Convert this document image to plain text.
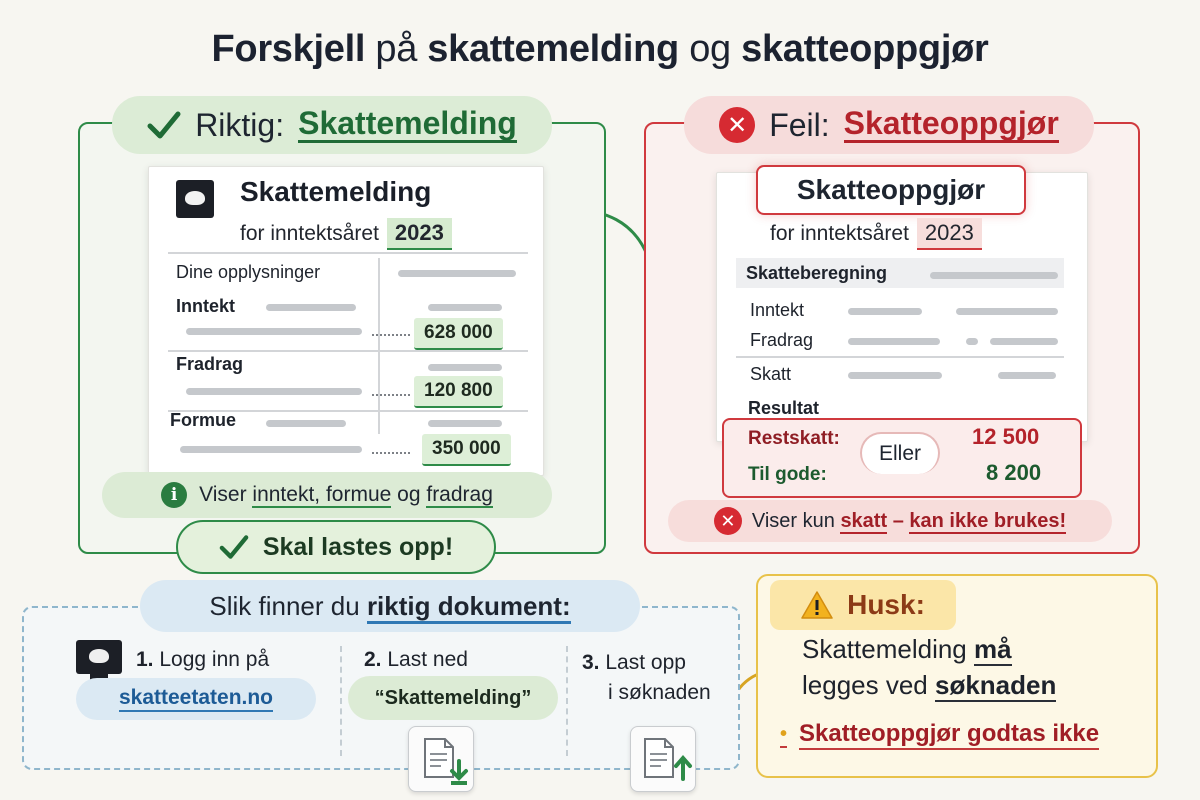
Forskjell på skattemelding og skatteoppgjør
Skattemelding
for inntektsåret 2023
Dine opplysninger
Inntekt
628 000
Fradrag
120 800
Formue
350 000
Riktig: Skattemelding
i	Viser inntekt, formue og fradrag
Skal lastes opp!
Skatteoppgjør
for inntektsåret 2023
Skatteberegning
Inntekt
Fradrag
Skatt
Resultat
Eller
Restskatt:	12 500
Til gode:	8 200
✕ Feil: Skatteoppgjør
✕ Viser kun skatt – kan ikke brukes!
Slik finner du riktig dokument:
1. Logg inn på
skatteetaten.no
2. Last ned
“Skattemelding”
3. Last opp
i søknaden
Husk:
Skattemelding må
legges ved søknaden
• Skatteoppgjør godtas ikke
